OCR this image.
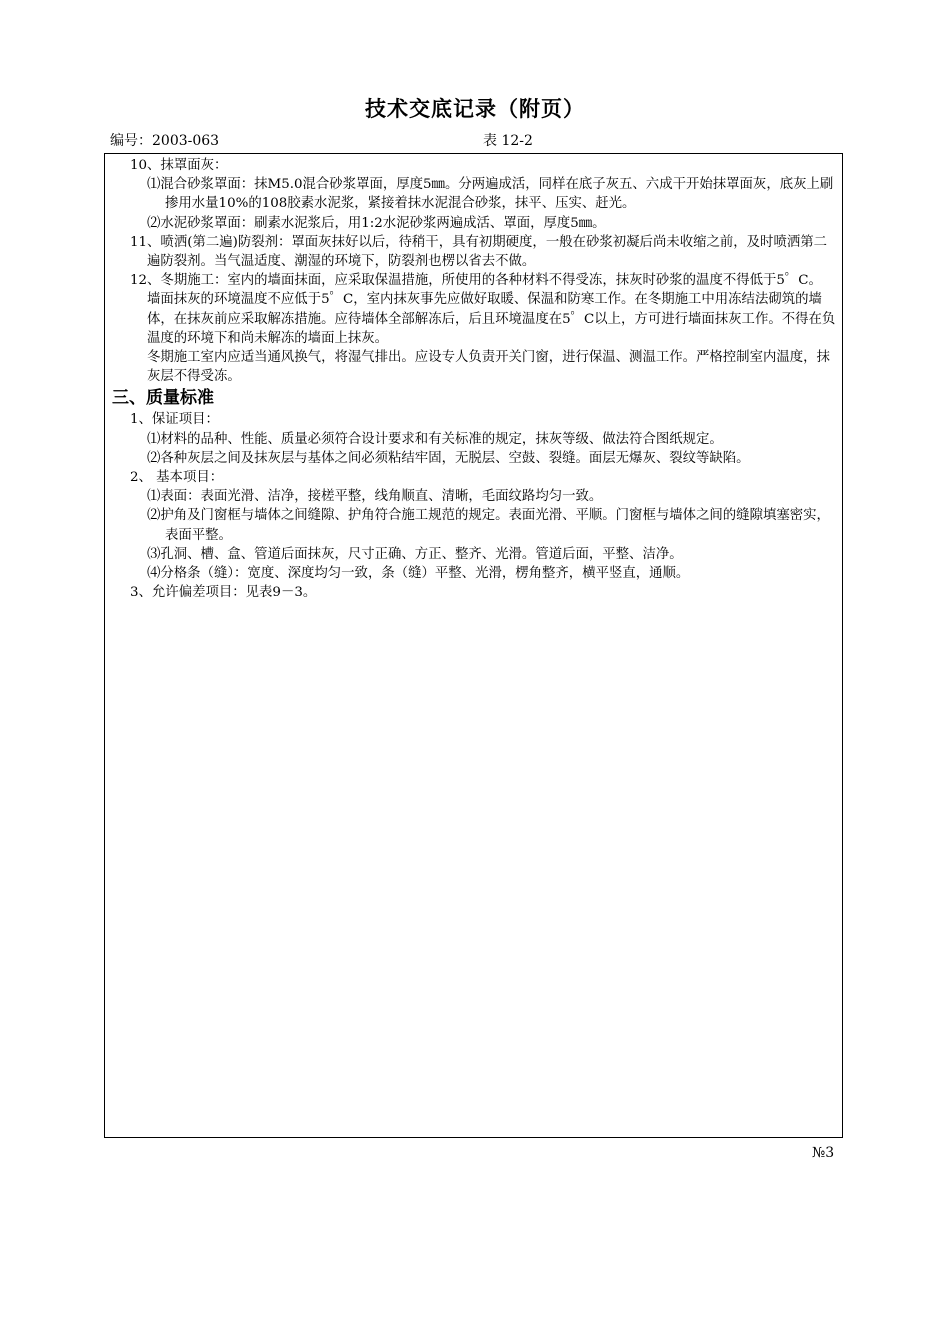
技术交底记录（附页）
编号：2003-063	表 12-2

10、抹罩面灰：

⑴混合砂浆罩面：抹M5.0混合砂浆罩面，厚度5㎜。分两遍成活，同样在底子灰五、六成干开始抹罩面灰，底灰上刷掺用水量10%的108胶素水泥浆，紧接着抹水泥混合砂浆，抹平、压实、赶光。

⑵水泥砂浆罩面：刷素水泥浆后，用1:2水泥砂浆两遍成活、罩面，厚度5㎜。

11、喷洒(第二遍)防裂剂：罩面灰抹好以后，待稍干，具有初期硬度，一般在砂浆初凝后尚未收缩之前，及时喷洒第二遍防裂剂。当气温适度、潮湿的环境下，防裂剂也楞以省去不做。

12、冬期施工：室内的墙面抹面，应采取保温措施，所使用的各种材料不得受冻，抹灰时砂浆的温度不得低于5゜C。

墙面抹灰的环境温度不应低于5゜C，室内抹灰事先应做好取暖、保温和防寒工作。在冬期施工中用冻结法砌筑的墙体，在抹灰前应采取解冻措施。应待墙体全部解冻后，后且环境温度在5゜C以上，方可进行墙面抹灰工作。不得在负温度的环境下和尚未解冻的墙面上抹灰。

冬期施工室内应适当通风换气，将湿气排出。应设专人负责开关门窗，进行保温、测温工作。严格控制室内温度，抹灰层不得受冻。

三、质量标准

1、保证项目：

⑴材料的品种、性能、质量必须符合设计要求和有关标准的规定，抹灰等级、做法符合图纸规定。

⑵各种灰层之间及抹灰层与基体之间必须粘结牢固，无脱层、空鼓、裂缝。面层无爆灰、裂纹等缺陷。

2、 基本项目：

⑴表面：表面光滑、洁净，接槎平整，线角顺直、清晰，毛面纹路均匀一致。

⑵护角及门窗框与墙体之间缝隙、护角符合施工规范的规定。表面光滑、平顺。门窗框与墙体之间的缝隙填塞密实，表面平整。

⑶孔洞、槽、盒、管道后面抹灰，尺寸正确、方正、整齐、光滑。管道后面，平整、洁净。

⑷分格条（缝）：宽度、深度均匀一致，条（缝）平整、光滑，楞角整齐，横平竖直，通顺。

3、允许偏差项目：见表9－3。

№3
